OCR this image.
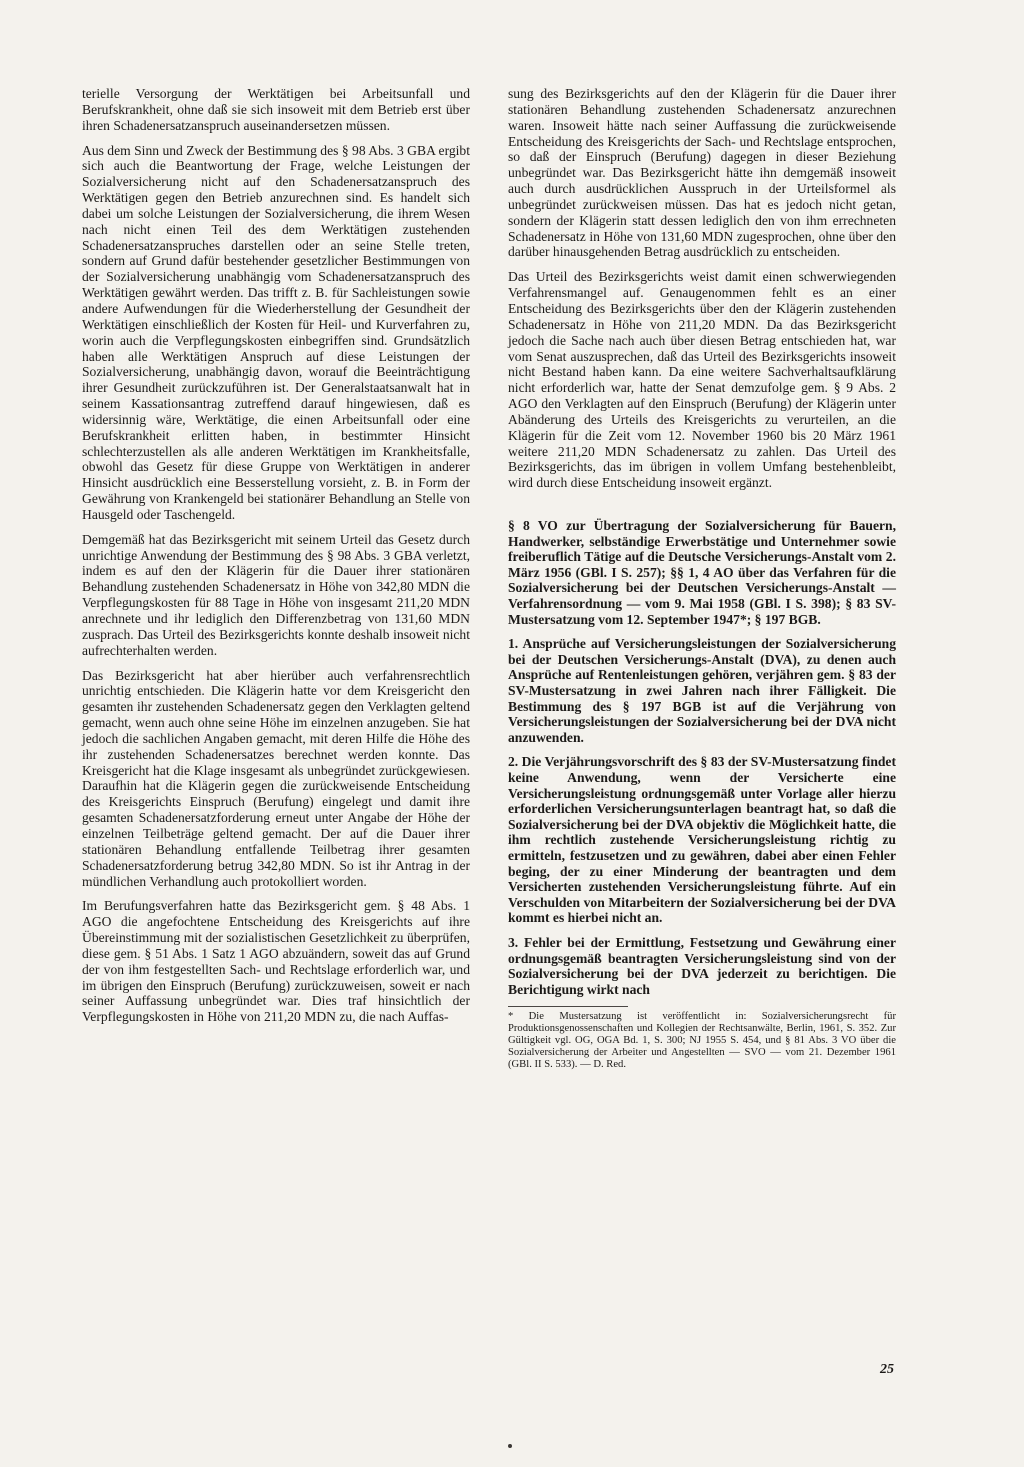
terielle Versorgung der Werktätigen bei Arbeitsunfall und Berufskrankheit, ohne daß sie sich insoweit mit dem Betrieb erst über ihren Schadenersatzanspruch auseinandersetzen müssen.

Aus dem Sinn und Zweck der Bestimmung des § 98 Abs. 3 GBA ergibt sich auch die Beantwortung der Frage, welche Leistungen der Sozialversicherung nicht auf den Schadenersatzanspruch des Werktätigen gegen den Betrieb anzurechnen sind. Es handelt sich dabei um solche Leistungen der Sozialversicherung, die ihrem Wesen nach nicht einen Teil des dem Werktätigen zustehenden Schadenersatzanspruches darstellen oder an seine Stelle treten, sondern auf Grund dafür bestehender gesetzlicher Bestimmungen von der Sozialversicherung unabhängig vom Schadenersatzanspruch des Werktätigen gewährt werden. Das trifft z. B. für Sachleistungen sowie andere Aufwendungen für die Wiederherstellung der Gesundheit der Werktätigen einschließlich der Kosten für Heil- und Kurverfahren zu, worin auch die Verpflegungskosten einbegriffen sind. Grundsätzlich haben alle Werktätigen Anspruch auf diese Leistungen der Sozialversicherung, unabhängig davon, worauf die Beeinträchtigung ihrer Gesundheit zurückzuführen ist. Der Generalstaatsanwalt hat in seinem Kassationsantrag zutreffend darauf hingewiesen, daß es widersinnig wäre, Werktätige, die einen Arbeitsunfall oder eine Berufskrankheit erlitten haben, in bestimmter Hinsicht schlechterzustellen als alle anderen Werktätigen im Krankheitsfalle, obwohl das Gesetz für diese Gruppe von Werktätigen in anderer Hinsicht ausdrücklich eine Besserstellung vorsieht, z. B. in Form der Gewährung von Krankengeld bei stationärer Behandlung an Stelle von Hausgeld oder Taschengeld.

Demgemäß hat das Bezirksgericht mit seinem Urteil das Gesetz durch unrichtige Anwendung der Bestimmung des § 98 Abs. 3 GBA verletzt, indem es auf den der Klägerin für die Dauer ihrer stationären Behandlung zustehenden Schadenersatz in Höhe von 342,80 MDN die Verpflegungskosten für 88 Tage in Höhe von insgesamt 211,20 MDN anrechnete und ihr lediglich den Differenzbetrag von 131,60 MDN zusprach. Das Urteil des Bezirksgerichts konnte deshalb insoweit nicht aufrechterhalten werden.

Das Bezirksgericht hat aber hierüber auch verfahrensrechtlich unrichtig entschieden. Die Klägerin hatte vor dem Kreisgericht den gesamten ihr zustehenden Schadenersatz gegen den Verklagten geltend gemacht, wenn auch ohne seine Höhe im einzelnen anzugeben. Sie hat jedoch die sachlichen Angaben gemacht, mit deren Hilfe die Höhe des ihr zustehenden Schadenersatzes berechnet werden konnte. Das Kreisgericht hat die Klage insgesamt als unbegründet zurückgewiesen. Daraufhin hat die Klägerin gegen die zurückweisende Entscheidung des Kreisgerichts Einspruch (Berufung) eingelegt und damit ihre gesamten Schadenersatzforderung erneut unter Angabe der Höhe der einzelnen Teilbeträge geltend gemacht. Der auf die Dauer ihrer stationären Behandlung entfallende Teilbetrag ihrer gesamten Schadenersatzforderung betrug 342,80 MDN. So ist ihr Antrag in der mündlichen Verhandlung auch protokolliert worden.

Im Berufungsverfahren hatte das Bezirksgericht gem. § 48 Abs. 1 AGO die angefochtene Entscheidung des Kreisgerichts auf ihre Übereinstimmung mit der sozialistischen Gesetzlichkeit zu überprüfen, diese gem. § 51 Abs. 1 Satz 1 AGO abzuändern, soweit das auf Grund der von ihm festgestellten Sach- und Rechtslage erforderlich war, und im übrigen den Einspruch (Berufung) zurückzuweisen, soweit er nach seiner Auffassung unbegründet war. Dies traf hinsichtlich der Verpflegungskosten in Höhe von 211,20 MDN zu, die nach Auffas-

sung des Bezirksgerichts auf den der Klägerin für die Dauer ihrer stationären Behandlung zustehenden Schadenersatz anzurechnen waren. Insoweit hätte nach seiner Auffassung die zurückweisende Entscheidung des Kreisgerichts der Sach- und Rechtslage entsprochen, so daß der Einspruch (Berufung) dagegen in dieser Beziehung unbegründet war. Das Bezirksgericht hätte ihn demgemäß insoweit auch durch ausdrücklichen Ausspruch in der Urteilsformel als unbegründet zurückweisen müssen. Das hat es jedoch nicht getan, sondern der Klägerin statt dessen lediglich den von ihm errechneten Schadenersatz in Höhe von 131,60 MDN zugesprochen, ohne über den darüber hinausgehenden Betrag ausdrücklich zu entscheiden.

Das Urteil des Bezirksgerichts weist damit einen schwerwiegenden Verfahrensmangel auf. Genaugenommen fehlt es an einer Entscheidung des Bezirksgerichts über den der Klägerin zustehenden Schadenersatz in Höhe von 211,20 MDN. Da das Bezirksgericht jedoch die Sache nach auch über diesen Betrag entschieden hat, war vom Senat auszusprechen, daß das Urteil des Bezirksgerichts insoweit nicht Bestand haben kann. Da eine weitere Sachverhaltsaufklärung nicht erforderlich war, hatte der Senat demzufolge gem. § 9 Abs. 2 AGO den Verklagten auf den Einspruch (Berufung) der Klägerin unter Abänderung des Urteils des Kreisgerichts zu verurteilen, an die Klägerin für die Zeit vom 12. November 1960 bis 20 März 1961 weitere 211,20 MDN Schadenersatz zu zahlen. Das Urteil des Bezirksgerichts, das im übrigen in vollem Umfang bestehenbleibt, wird durch diese Entscheidung insoweit ergänzt.

§ 8 VO zur Übertragung der Sozialversicherung für Bauern, Handwerker, selbständige Erwerbstätige und Unternehmer sowie freiberuflich Tätige auf die Deutsche Versicherungs-Anstalt vom 2. März 1956 (GBl. I S. 257); §§ 1, 4 AO über das Verfahren für die Sozialversicherung bei der Deutschen Versicherungs-Anstalt — Verfahrensordnung — vom 9. Mai 1958 (GBl. I S. 398); § 83 SV-Mustersatzung vom 12. September 1947*; § 197 BGB.

1. Ansprüche auf Versicherungsleistungen der Sozialversicherung bei der Deutschen Versicherungs-Anstalt (DVA), zu denen auch Ansprüche auf Rentenleistungen gehören, verjähren gem. § 83 der SV-Mustersatzung in zwei Jahren nach ihrer Fälligkeit. Die Bestimmung des § 197 BGB ist auf die Verjährung von Versicherungsleistungen der Sozialversicherung bei der DVA nicht anzuwenden.

2. Die Verjährungsvorschrift des § 83 der SV-Mustersatzung findet keine Anwendung, wenn der Versicherte eine Versicherungsleistung ordnungsgemäß unter Vorlage aller hierzu erforderlichen Versicherungsunterlagen beantragt hat, so daß die Sozialversicherung bei der DVA objektiv die Möglichkeit hatte, die ihm rechtlich zustehende Versicherungsleistung richtig zu ermitteln, festzusetzen und zu gewähren, dabei aber einen Fehler beging, der zu einer Minderung der beantragten und dem Versicherten zustehenden Versicherungsleistung führte. Auf ein Verschulden von Mitarbeitern der Sozialversicherung bei der DVA kommt es hierbei nicht an.

3. Fehler bei der Ermittlung, Festsetzung und Gewährung einer ordnungsgemäß beantragten Versicherungsleistung sind von der Sozialversicherung bei der DVA jederzeit zu berichtigen. Die Berichtigung wirkt nach

* Die Mustersatzung ist veröffentlicht in: Sozialversicherungsrecht für Produktionsgenossenschaften und Kollegien der Rechtsanwälte, Berlin, 1961, S. 352. Zur Gültigkeit vgl. OG, OGA Bd. 1, S. 300; NJ 1955 S. 454, und § 81 Abs. 3 VO über die Sozialversicherung der Arbeiter und Angestellten — SVO — vom 21. Dezember 1961 (GBl. II S. 533). — D. Red.

25
